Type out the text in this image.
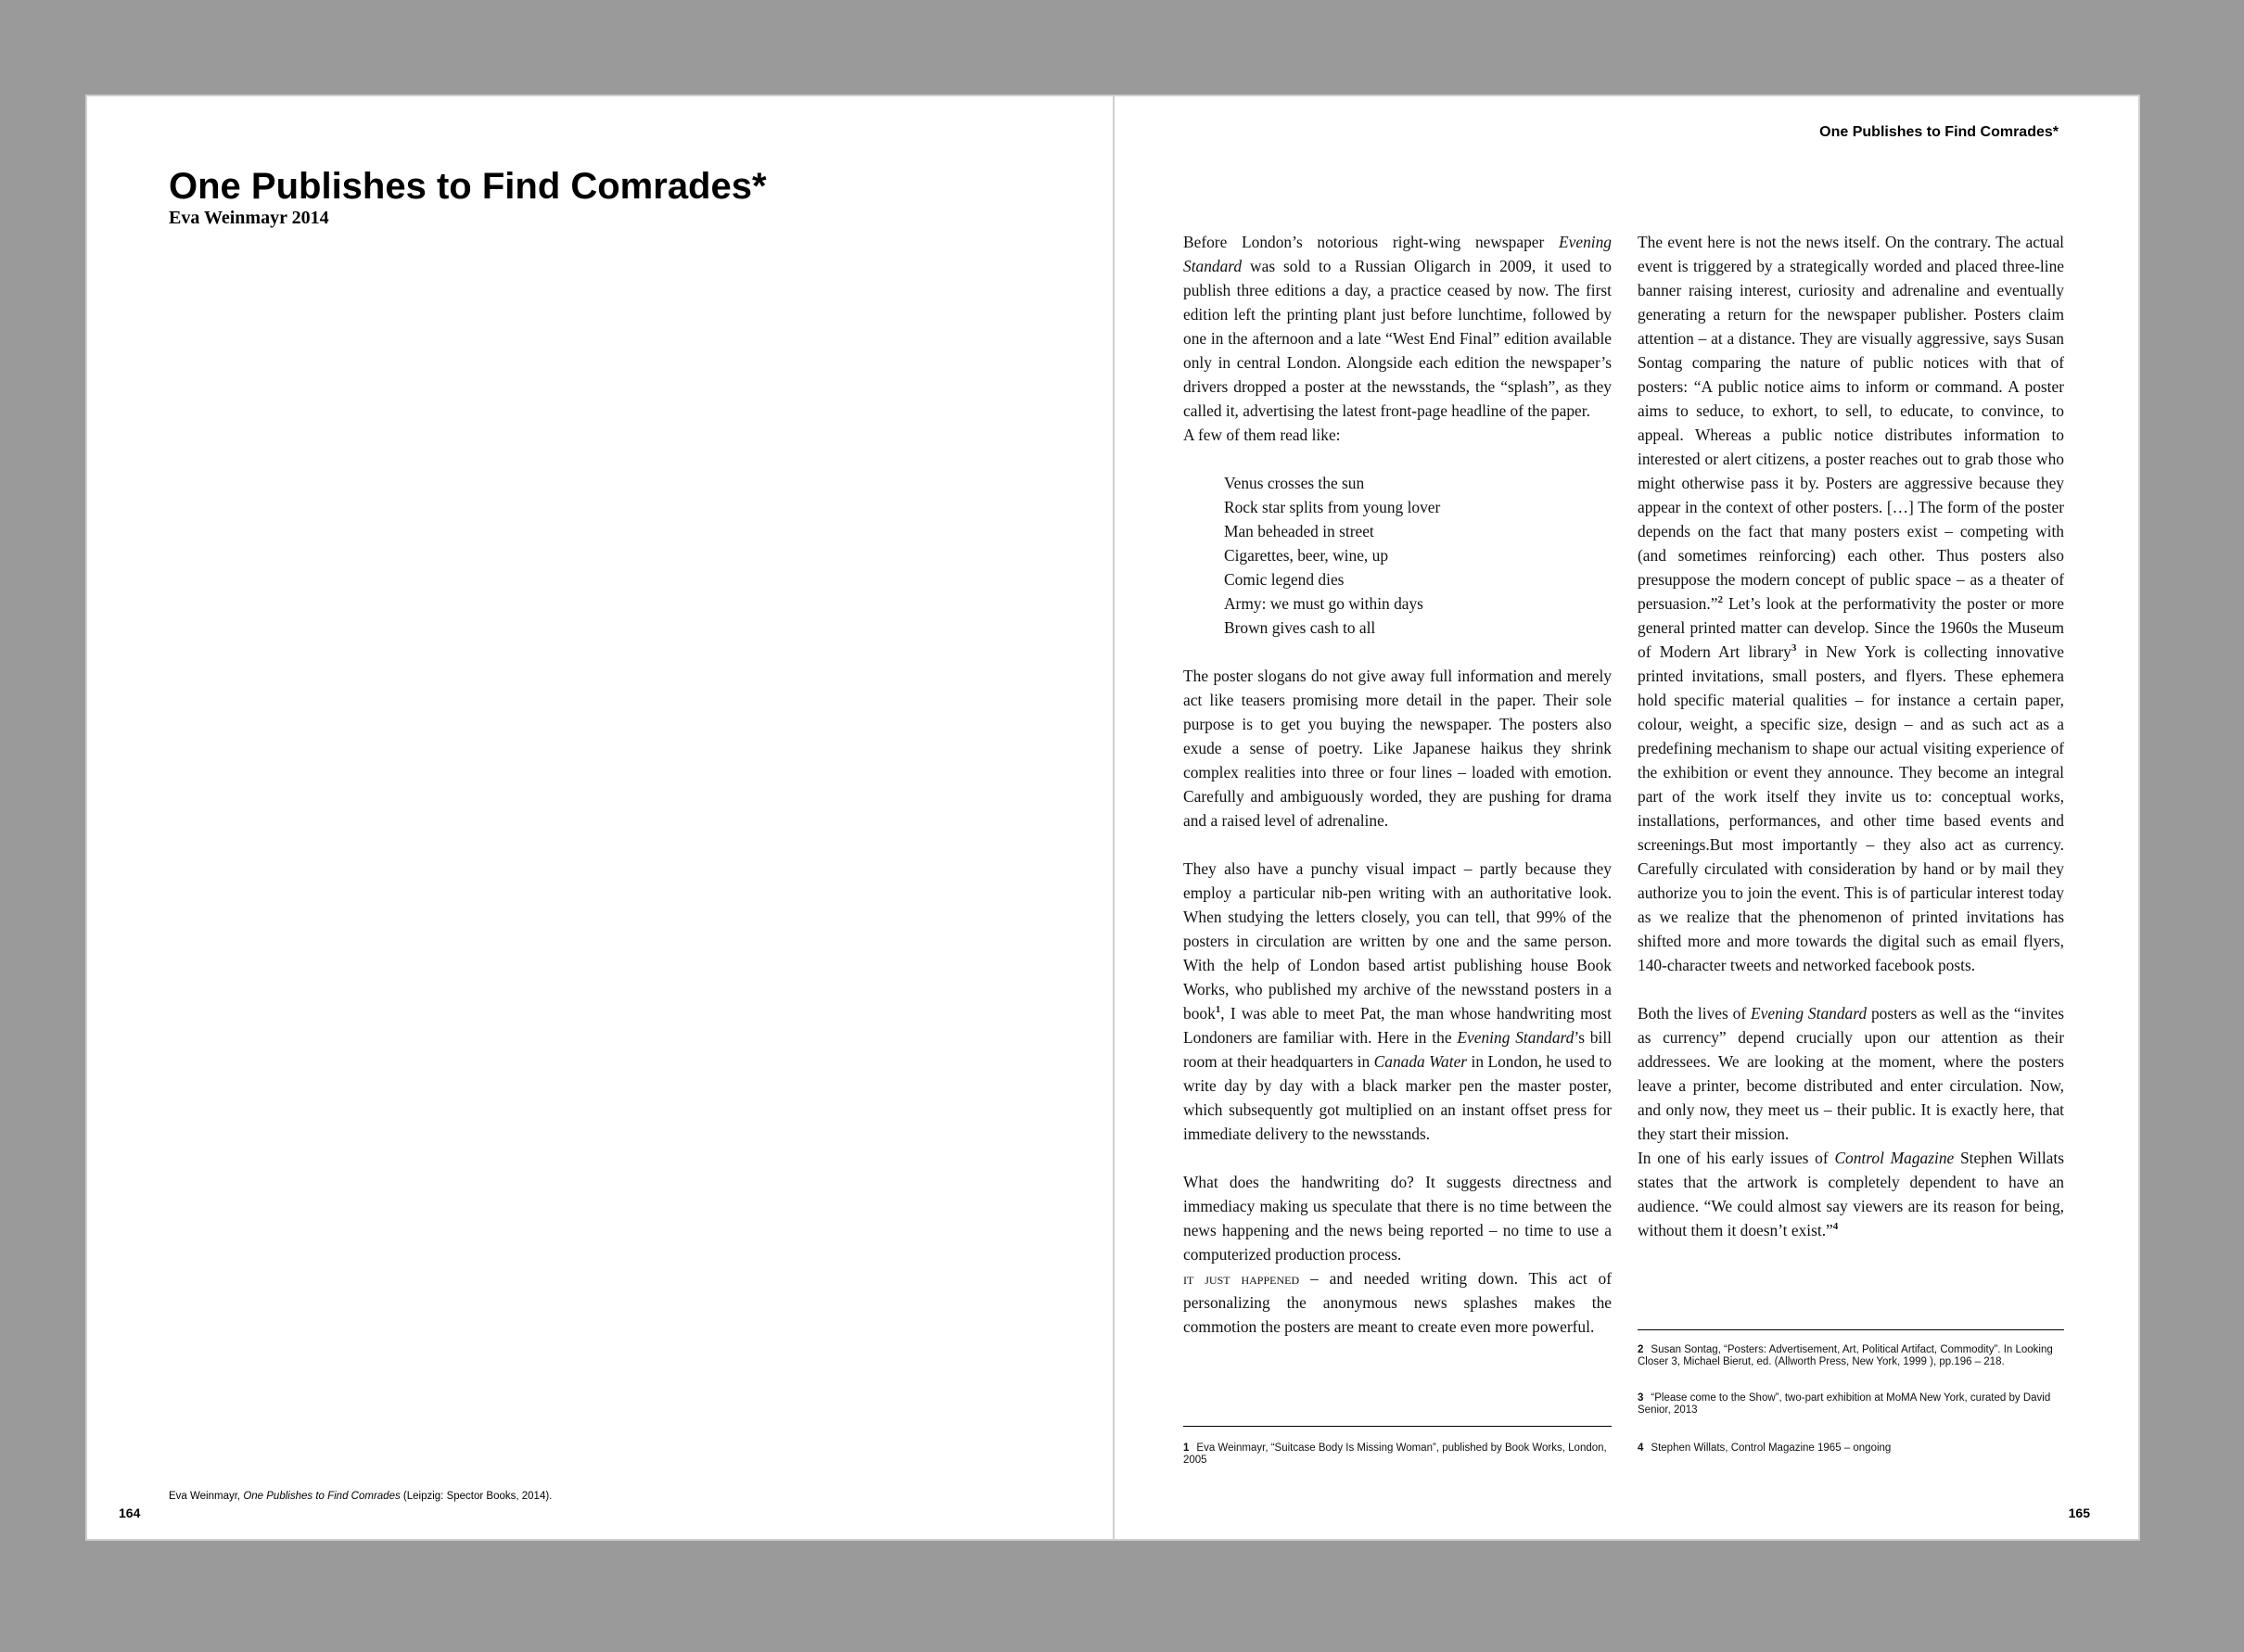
One Publishes to Find Comrades*
Eva Weinmayr 2014
Eva Weinmayr, One Publishes to Find Comrades (Leipzig: Spector Books, 2014).
164
One Publishes to Find Comrades*

Before London’s notorious right-wing newspaper Evening Standard was sold to a Russian Oligarch in 2009, it used to publish three editions a day, a practice ceased by now. The first edition left the printing plant just before lunchtime, followed by one in the afternoon and a late “West End Final” edition available only in central London. Alongside each edition the newspaper’s drivers dropped a poster at the newsstands, the “splash”, as they called it, advertising the latest front-page headline of the paper.

A few of them read like:

Venus crosses the sun
Rock star splits from young lover
Man beheaded in street
Cigarettes, beer, wine, up
Comic legend dies
Army: we must go within days
Brown gives cash to all

The poster slogans do not give away full information and merely act like teasers promising more detail in the paper. Their sole purpose is to get you buying the newspaper. The posters also exude a sense of poetry. Like Japanese haikus they shrink complex realities into three or four lines – loaded with emotion. Carefully and ambiguously worded, they are pushing for drama and a raised level of adrenaline.

They also have a punchy visual impact – partly because they employ a particular nib-pen writing with an authoritative look. When studying the letters closely, you can tell, that 99% of the posters in circulation are written by one and the same person. With the help of London based artist publishing house Book Works, who published my archive of the newsstand posters in a book$^1$, I was able to meet Pat, the man whose handwriting most Londoners are familiar with. Here in the Evening Standard’s bill room at their headquarters in Canada Water in London, he used to write day by day with a black marker pen the master poster, which subsequently got multiplied on an instant offset press for immediate delivery to the newsstands.

What does the handwriting do? It suggests directness and immediacy making us speculate that there is no time between the news happening and the news being reported – no time to use a computerized production process.

it just happened – and needed writing down. This act of personalizing the anonymous news splashes makes the commotion the posters are meant to create even more powerful.

The event here is not the news itself. On the contrary. The actual event is triggered by a strategically worded and placed three-line banner raising interest, curiosity and adrenaline and eventually generating a return for the newspaper publisher. Posters claim attention – at a distance. They are visually aggressive, says Susan Sontag comparing the nature of public notices with that of posters: “A public notice aims to inform or command. A poster aims to seduce, to exhort, to sell, to educate, to convince, to appeal. Whereas a public notice distributes information to interested or alert citizens, a poster reaches out to grab those who might otherwise pass it by. Posters are aggressive because they appear in the context of other posters. […] The form of the poster depends on the fact that many posters exist – competing with (and sometimes reinforcing) each other. Thus posters also presuppose the modern concept of public space – as a theater of persuasion.”$^2$ Let’s look at the performativity the poster or more general printed matter can develop. Since the 1960s the Museum of Modern Art library$^3$ in New York is collecting innovative printed invitations, small posters, and flyers. These ephemera hold specific material qualities – for instance a certain paper, colour, weight, a specific size, design – and as such act as a predefining mechanism to shape our actual visiting experience of the exhibition or event they announce. They become an integral part of the work itself they invite us to: conceptual works, installations, performances, and other time based events and screenings.But most importantly – they also act as currency. Carefully circulated with consideration by hand or by mail they authorize you to join the event. This is of particular interest today as we realize that the phenomenon of printed invitations has shifted more and more towards the digital such as email flyers, 140-character tweets and networked facebook posts.

Both the lives of Evening Standard posters as well as the “invites as currency” depend crucially upon our attention as their addressees. We are looking at the moment, where the posters leave a printer, become distributed and enter circulation. Now, and only now, they meet us – their public. It is exactly here, that they start their mission.

In one of his early issues of Control Magazine Stephen Willats states that the artwork is completely dependent to have an audience. “We could almost say viewers are its reason for being, without them it doesn’t exist.”$^4$

1 Eva Weinmayr, “Suitcase Body Is Missing Woman”, published by Book Works, London, 2005
2 Susan Sontag, “Posters: Advertisement, Art, Political Artifact, Commodity”. In Looking Closer 3, Michael Bierut, ed. (Allworth Press, New York, 1999 ), pp.196 – 218.
3 “Please come to the Show”, two-part exhibition at MoMA New York, curated by David Senior, 2013
4 Stephen Willats, Control Magazine 1965 – ongoing
165
